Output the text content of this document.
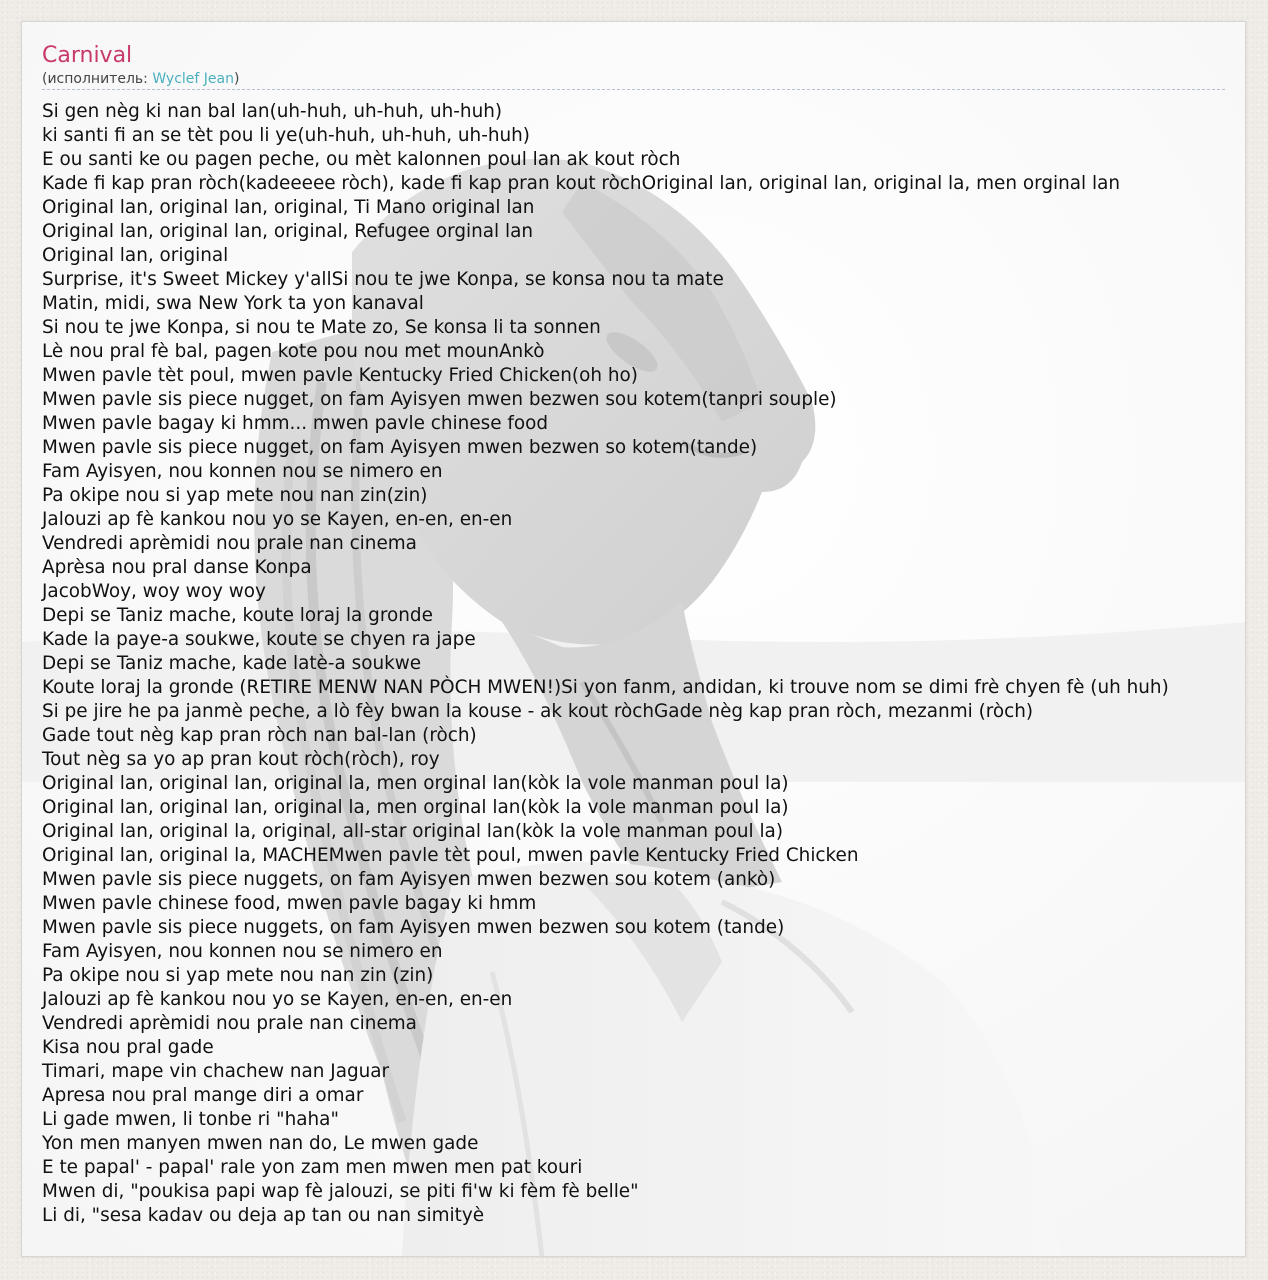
Carnival
(исполнитель: Wyclef Jean)
Si gen nèg ki nan bal lan(uh-huh, uh-huh, uh-huh)
ki santi fi an se tèt pou li ye(uh-huh, uh-huh, uh-huh)
E ou santi ke ou pagen peche, ou mèt kalonnen poul lan ak kout ròch
Kade fi kap pran ròch(kadeeeee ròch), kade fi kap pran kout ròchOriginal lan, original lan, original la, men orginal lan
Original lan, original lan, original, Ti Mano original lan
Original lan, original lan, original, Refugee orginal lan
Original lan, original
Surprise, it's Sweet Mickey y'allSi nou te jwe Konpa, se konsa nou ta mate
Matin, midi, swa New York ta yon kanaval
Si nou te jwe Konpa, si nou te Mate zo, Se konsa li ta sonnen
Lè nou pral fè bal, pagen kote pou nou met mounAnkò
Mwen pavle tèt poul, mwen pavle Kentucky Fried Chicken(oh ho)
Mwen pavle sis piece nugget, on fam Ayisyen mwen bezwen sou kotem(tanpri souple)
Mwen pavle bagay ki hmm... mwen pavle chinese food
Mwen pavle sis piece nugget, on fam Ayisyen mwen bezwen so kotem(tande)
Fam Ayisyen, nou konnen nou se nimero en
Pa okipe nou si yap mete nou nan zin(zin)
Jalouzi ap fè kankou nou yo se Kayen, en-en, en-en
Vendredi aprèmidi nou prale nan cinema
Aprèsa nou pral danse Konpa
JacobWoy, woy woy woy
Depi se Taniz mache, koute loraj la gronde
Kade la paye-a soukwe, koute se chyen ra jape
Depi se Taniz mache, kade latè-a soukwe
Koute loraj la gronde (RETIRE MENW NAN PÒCH MWEN!)Si yon fanm, andidan, ki trouve nom se dimi frè chyen fè (uh huh)
Si pe jire he pa janmè peche, a lò fèy bwan la kouse - ak kout ròchGade nèg kap pran ròch, mezanmi (ròch)
Gade tout nèg kap pran ròch nan bal-lan (ròch)
Tout nèg sa yo ap pran kout ròch(ròch), roy
Original lan, original lan, original la, men orginal lan(kòk la vole manman poul la)
Original lan, original lan, original la, men orginal lan(kòk la vole manman poul la)
Original lan, original la, original, all-star original lan(kòk la vole manman poul la)
Original lan, original la, MACHEMwen pavle tèt poul, mwen pavle Kentucky Fried Chicken
Mwen pavle sis piece nuggets, on fam Ayisyen mwen bezwen sou kotem (ankò)
Mwen pavle chinese food, mwen pavle bagay ki hmm
Mwen pavle sis piece nuggets, on fam Ayisyen mwen bezwen sou kotem (tande)
Fam Ayisyen, nou konnen nou se nimero en
Pa okipe nou si yap mete nou nan zin (zin)
Jalouzi ap fè kankou nou yo se Kayen, en-en, en-en
Vendredi aprèmidi nou prale nan cinema
Kisa nou pral gade
Timari, mape vin chachew nan Jaguar
Apresa nou pral mange diri a omar
Li gade mwen, li tonbe ri "haha"
Yon men manyen mwen nan do, Le mwen gade
E te papal' - papal' rale yon zam men mwen men pat kouri
Mwen di, "poukisa papi wap fè jalouzi, se piti fi'w ki fèm fè belle"
Li di, "sesa kadav ou deja ap tan ou nan simityè
